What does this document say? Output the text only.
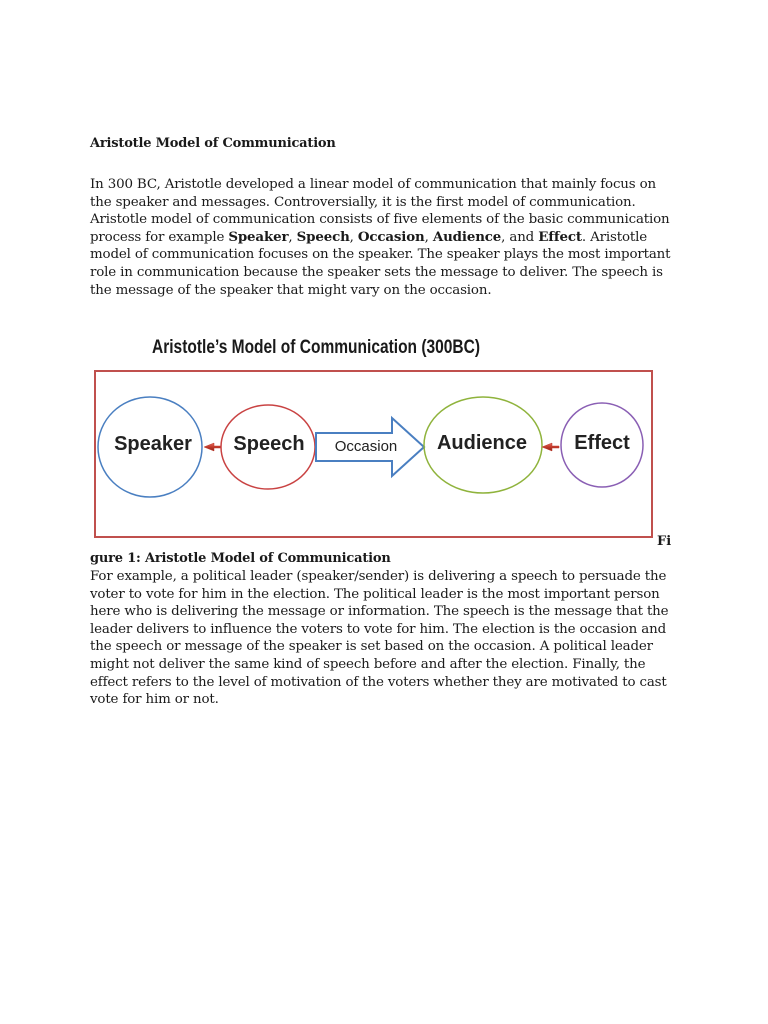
Aristotle Model of Communication
In 300 BC, Aristotle developed a linear model of communication that mainly focus on the speaker and messages. Controversially, it is the first model of communication. Aristotle model of communication consists of five elements of the basic communication process for example Speaker, Speech, Occasion, Audience, and Effect. Aristotle model of communication focuses on the speaker. The speaker plays the most important role in communication because the speaker sets the message to deliver. The speech is the message of the speaker that might vary on the occasion.
Aristotle’s Model of Communication (300BC)
Speaker Speech Occasion Audience Effect
Fi
gure 1: Aristotle Model of Communication
For example, a political leader (speaker/sender) is delivering a speech to persuade the voter to vote for him in the election. The political leader is the most important person here who is delivering the message or information. The speech is the message that the leader delivers to influence the voters to vote for him. The election is the occasion and the speech or message of the speaker is set based on the occasion. A political leader might not deliver the same kind of speech before and after the election. Finally, the effect refers to the level of motivation of the voters whether they are motivated to cast vote for him or not.
